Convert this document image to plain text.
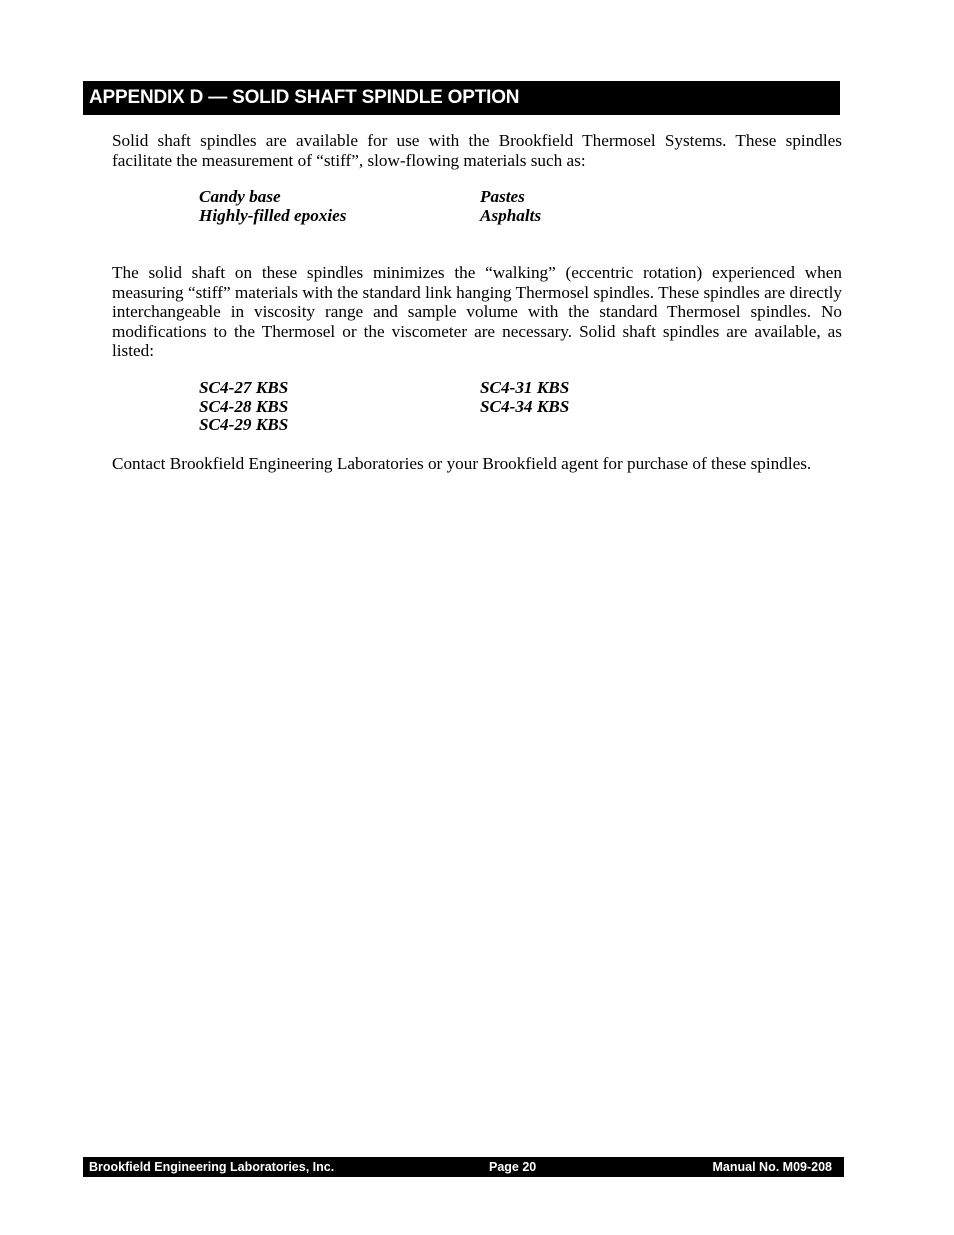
APPENDIX D — SOLID SHAFT SPINDLE OPTION

Solid shaft spindles are available for use with the Brookfield Thermosel Systems. These spindles facilitate the measurement of “stiff”, slow-flowing materials such as:

Candy base	Pastes
Highly-filled epoxies	Asphalts

The solid shaft on these spindles minimizes the “walking” (eccentric rotation) experienced when measuring “stiff” materials with the standard link hanging Thermosel spindles. These spindles are directly interchangeable in viscosity range and sample volume with the standard Thermosel spindles. No modifications to the Thermosel or the viscometer are necessary. Solid shaft spindles are available, as listed:

SC4-27 KBS	SC4-31 KBS
SC4-28 KBS	SC4-34 KBS
SC4-29 KBS

Contact Brookfield Engineering Laboratories or your Brookfield agent for purchase of these spindles.

Brookfield Engineering Laboratories, Inc.	Page 20	Manual No. M09-208
